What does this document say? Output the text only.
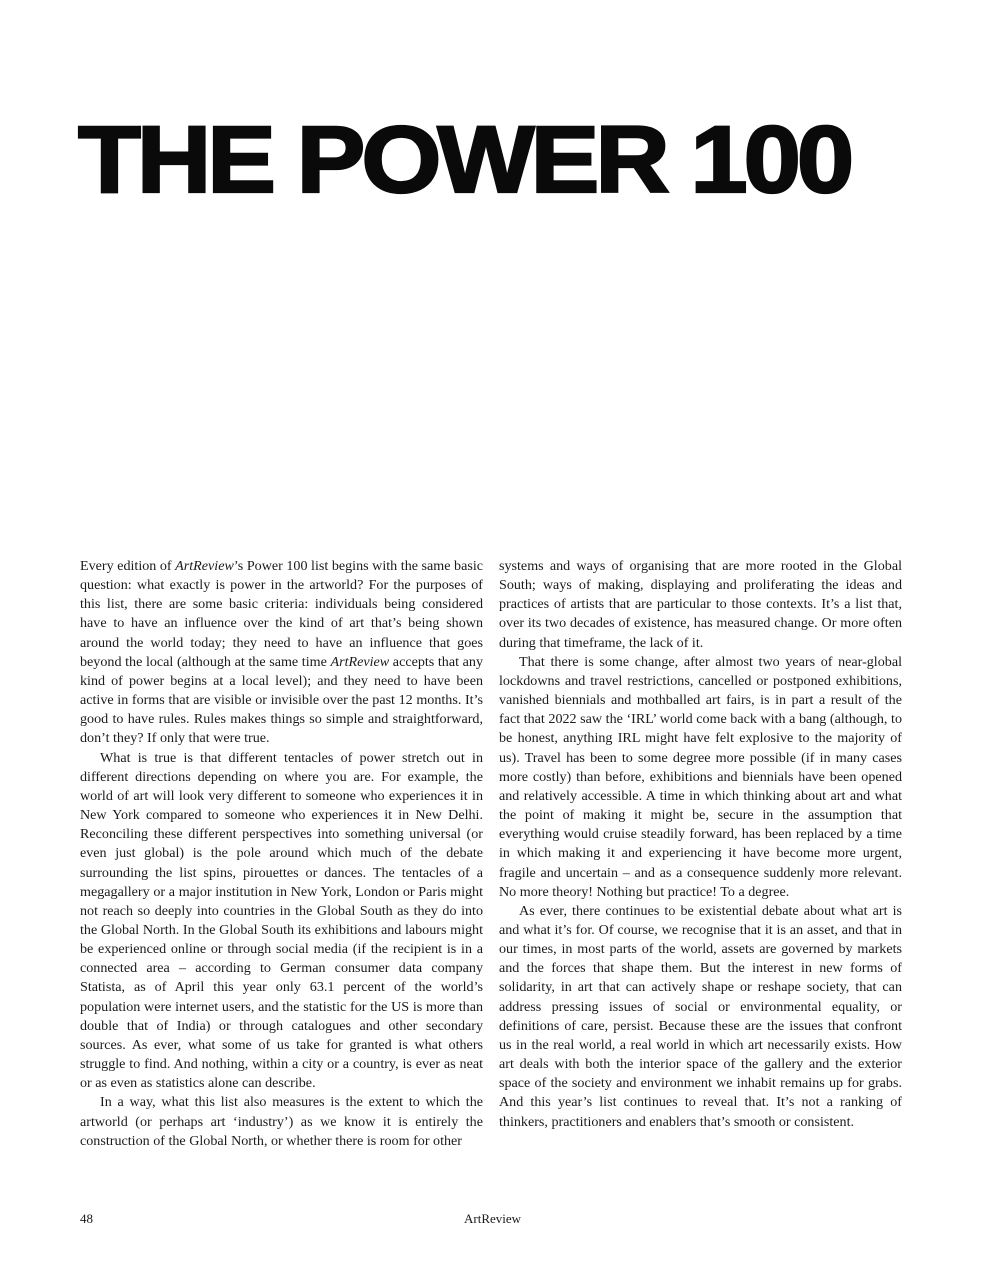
THE POWER 100

Every edition of ArtReview’s Power 100 list begins with the same basic question: what exactly is power in the artworld? For the purposes of this list, there are some basic criteria: individuals being considered have to have an influence over the kind of art that’s being shown around the world today; they need to have an influence that goes beyond the local (although at the same time ArtReview accepts that any kind of power begins at a local level); and they need to have been active in forms that are visible or invisible over the past 12 months. It’s good to have rules. Rules makes things so simple and straightforward, don’t they? If only that were true.

What is true is that different tentacles of power stretch out in different directions depending on where you are. For example, the world of art will look very different to someone who experiences it in New York compared to someone who experiences it in New Delhi. Reconciling these different perspectives into something universal (or even just global) is the pole around which much of the debate surrounding the list spins, pirouettes or dances. The tentacles of a megagallery or a major institution in New York, London or Paris might not reach so deeply into countries in the Global South as they do into the Global North. In the Global South its exhibitions and labours might be experienced online or through social media (if the recipient is in a connected area – according to German consumer data company Statista, as of April this year only 63.1 percent of the world’s population were internet users, and the statistic for the US is more than double that of India) or through catalogues and other secondary sources. As ever, what some of us take for granted is what others struggle to find. And nothing, within a city or a country, is ever as neat or as even as statistics alone can describe.

In a way, what this list also measures is the extent to which the artworld (or perhaps art ‘industry’) as we know it is entirely the construction of the Global North, or whether there is room for other

systems and ways of organising that are more rooted in the Global South; ways of making, displaying and proliferating the ideas and practices of artists that are particular to those contexts. It’s a list that, over its two decades of existence, has measured change. Or more often during that timeframe, the lack of it.

That there is some change, after almost two years of near-global lockdowns and travel restrictions, cancelled or postponed exhibitions, vanished biennials and mothballed art fairs, is in part a result of the fact that 2022 saw the ‘IRL’ world come back with a bang (although, to be honest, anything IRL might have felt explosive to the majority of us). Travel has been to some degree more possible (if in many cases more costly) than before, exhibitions and biennials have been opened and relatively accessible. A time in which thinking about art and what the point of making it might be, secure in the assumption that everything would cruise steadily forward, has been replaced by a time in which making it and experiencing it have become more urgent, fragile and uncertain – and as a consequence suddenly more relevant. No more theory! Nothing but practice! To a degree.

As ever, there continues to be existential debate about what art is and what it’s for. Of course, we recognise that it is an asset, and that in our times, in most parts of the world, assets are governed by markets and the forces that shape them. But the interest in new forms of solidarity, in art that can actively shape or reshape society, that can address pressing issues of social or environmental equality, or definitions of care, persist. Because these are the issues that confront us in the real world, a real world in which art necessarily exists. How art deals with both the interior space of the gallery and the exterior space of the society and environment we inhabit remains up for grabs. And this year’s list continues to reveal that. It’s not a ranking of thinkers, practitioners and enablers that’s smooth or consistent.

48	ArtReview
